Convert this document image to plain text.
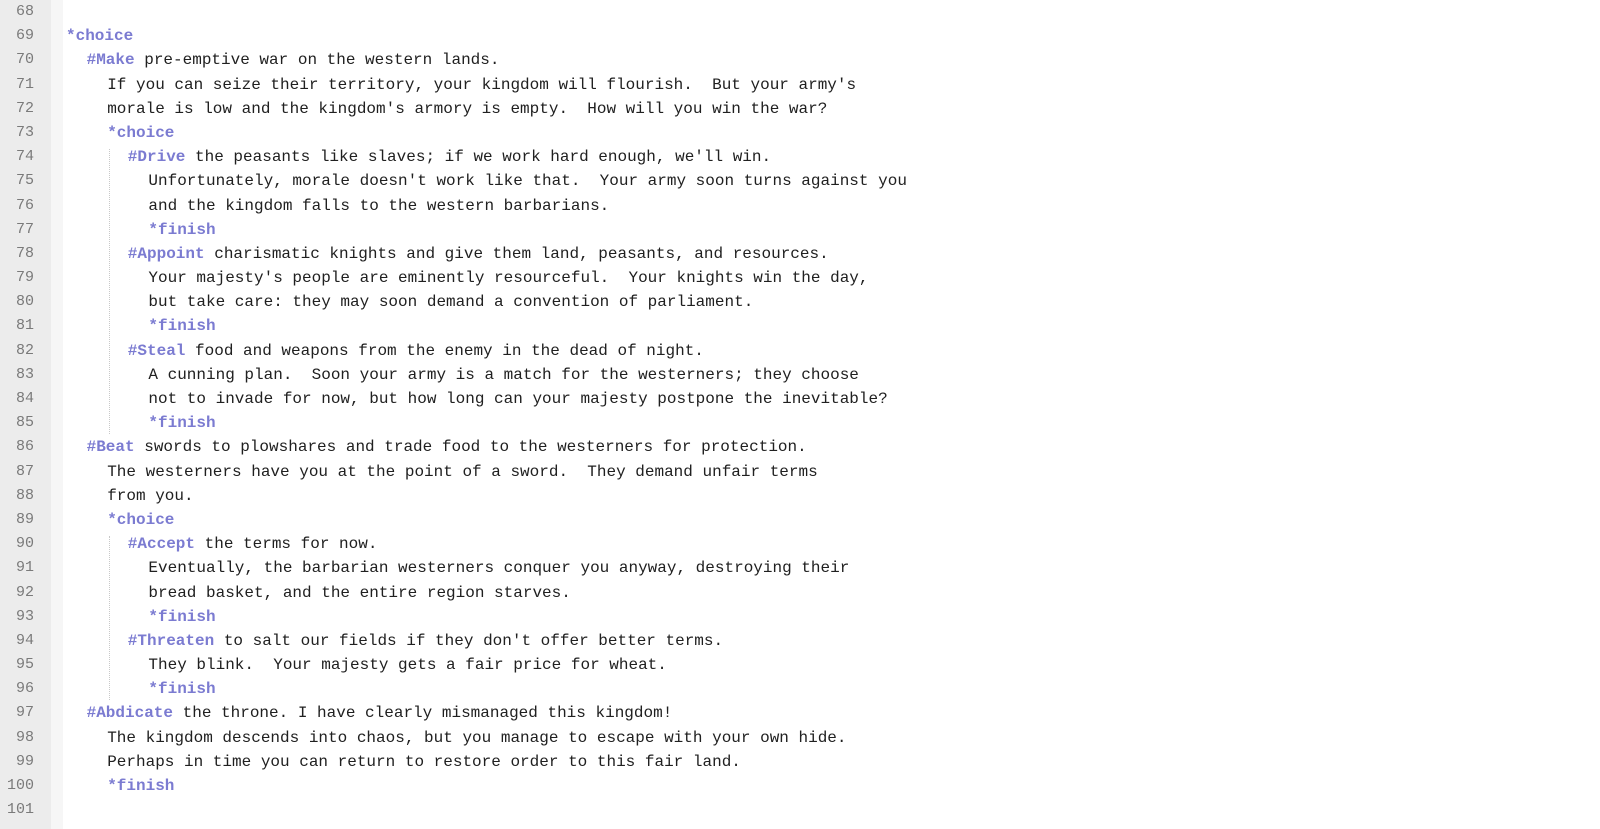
68
69 *choice
70	#Make pre-emptive war on the western lands.
71	If you can seize their territory, your kingdom will flourish.  But your army's
72	morale is low and the kingdom's armory is empty.  How will you win the war?
73	*choice
74	#Drive the peasants like slaves; if we work hard enough, we'll win.
75	Unfortunately, morale doesn't work like that.  Your army soon turns against you
76	and the kingdom falls to the western barbarians.
77	*finish
78	#Appoint charismatic knights and give them land, peasants, and resources.
79	Your majesty's people are eminently resourceful.  Your knights win the day,
80	but take care: they may soon demand a convention of parliament.
81	*finish
82	#Steal food and weapons from the enemy in the dead of night.
83	A cunning plan.  Soon your army is a match for the westerners; they choose
84	not to invade for now, but how long can your majesty postpone the inevitable?
85	*finish
86	#Beat swords to plowshares and trade food to the westerners for protection.
87	The westerners have you at the point of a sword.  They demand unfair terms
88	from you.
89	*choice
90	#Accept the terms for now.
91	Eventually, the barbarian westerners conquer you anyway, destroying their
92	bread basket, and the entire region starves.
93	*finish
94	#Threaten to salt our fields if they don't offer better terms.
95	They blink.  Your majesty gets a fair price for wheat.
96	*finish
97	#Abdicate the throne. I have clearly mismanaged this kingdom!
98	The kingdom descends into chaos, but you manage to escape with your own hide.
99	Perhaps in time you can return to restore order to this fair land.
100	*finish
101
